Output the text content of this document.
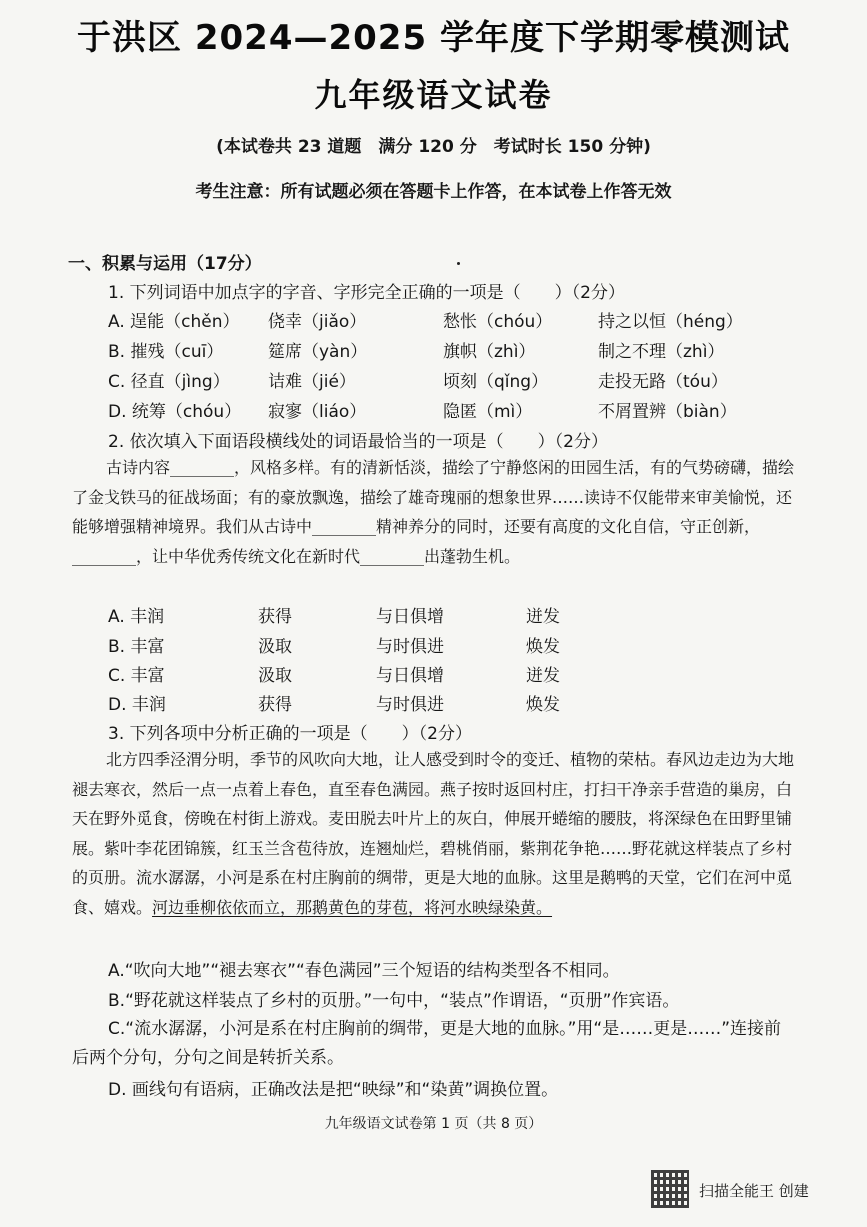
于洪区 2024—2025 学年度下学期零模测试
九年级语文试卷
(本试卷共 23 道题　满分 120 分　考试时长 150 分钟)
考生注意：所有试题必须在答题卡上作答，在本试卷上作答无效
一、积累与运用（17分）
1. 下列词语中加点字的字音、字形完全正确的一项是（　　）（2分）
A. 逞能（chěn） 侥幸（jiǎo）	愁怅（chóu）	持之以恒（héng）
B. 摧残（cuī）	筵席（yàn）	旗帜（zhì）	制之不理（zhì）
C. 径直（jìng） 诘难（jié）	顷刻（qǐng）	走投无路（tóu）
D. 统筹（chóu） 寂寥（liáo）	隐匿（mì）	不屑置辨（biàn）
2. 依次填入下面语段横线处的词语最恰当的一项是（　　）（2分）
古诗内容________，风格多样。有的清新恬淡，描绘了宁静悠闲的田园生活，有的气势磅礴，描绘了金戈铁马的征战场面；有的豪放飘逸，描绘了雄奇瑰丽的想象世界……读诗不仅能带来审美愉悦，还能够增强精神境界。我们从古诗中________精神养分的同时，还要有高度的文化自信，守正创新，________，让中华优秀传统文化在新时代________出蓬勃生机。
A. 丰润	获得	与日俱增	迸发
B. 丰富	汲取	与时俱进	焕发
C. 丰富	汲取	与日俱增	迸发
D. 丰润	获得	与时俱进	焕发
3. 下列各项中分析正确的一项是（　　）（2分）
北方四季泾渭分明，季节的风吹向大地，让人感受到时令的变迁、植物的荣枯。春风边走边为大地褪去寒衣，然后一点一点着上春色，直至春色满园。燕子按时返回村庄，打扫干净亲手营造的巢房，白天在野外觅食，傍晚在村街上游戏。麦田脱去叶片上的灰白，伸展开蜷缩的腰肢，将深绿色在田野里铺展。紫叶李花团锦簇，红玉兰含苞待放，连翘灿烂，碧桃俏丽，紫荆花争艳……野花就这样装点了乡村的页册。流水潺潺，小河是系在村庄胸前的绸带，更是大地的血脉。这里是鹅鸭的天堂，它们在河中觅食、嬉戏。河边垂柳依依而立，那鹅黄色的芽苞，将河水映绿染黄。
A.“吹向大地”“褪去寒衣”“春色满园”三个短语的结构类型各不相同。
B.“野花就这样装点了乡村的页册。”一句中，“装点”作谓语，“页册”作宾语。
C.“流水潺潺，小河是系在村庄胸前的绸带，更是大地的血脉。”用“是……更是……”连接前后两个分句，分句之间是转折关系。
D. 画线句有语病，正确改法是把“映绿”和“染黄”调换位置。
九年级语文试卷第 1 页（共 8 页）
扫描全能王 创建
